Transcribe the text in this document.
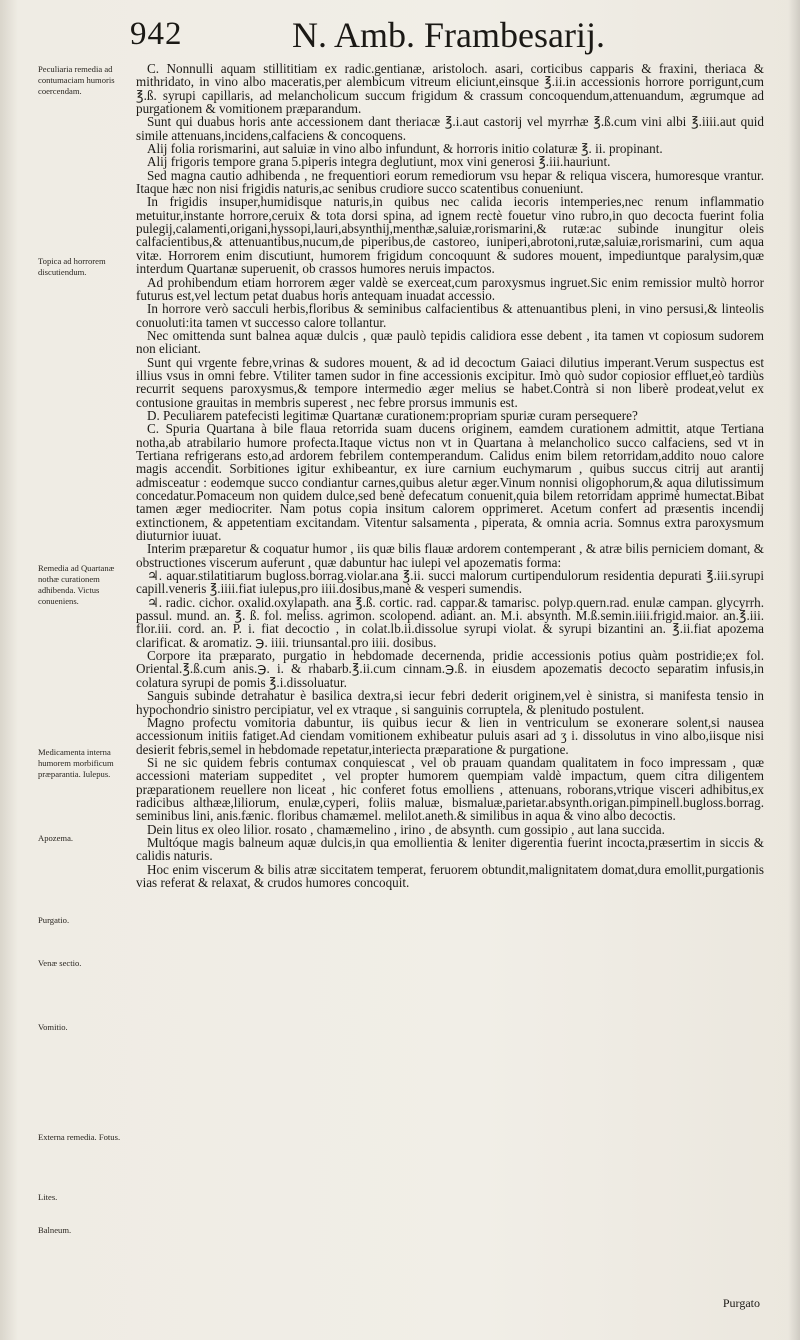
942	N. Amb. Frambesarij.
Peculiaria remedia ad contumaciam humoris coercendam.
Topica ad horrorem discutiendum.
Remedia ad Quartanæ nothæ curationem adhibenda. Victus conueniens.
Medicamenta interna humorem morbificum præparantia. Iulepus.
Apozema.
Purgatio.
Venæ sectio.
Vomitio.
Externa remedia. Fotus.
Lites.
Balneum.

C. Nonnulli aquam stillititiam ex radic.gentianæ, aristoloch. asari, corticibus capparis & fraxini, theriaca & mithridato, in vino albo maceratis,per alembicum vitreum eliciunt,einsque ℥.ii.in accessionis horrore porrigunt,cum ℥.ß. syrupi capillaris, ad melancholicum succum frigidum & crassum concoquendum,attenuandum, ægrumque ad purgationem & vomitionem præparandum.

Sunt qui duabus horis ante accessionem dant theriacæ ℥.i.aut castorij vel myrrhæ ℥.ß.cum vini albi ℥.iiii.aut quid simile attenuans,incidens,calfaciens & concoquens.

Alij folia rorismarini, aut saluiæ in vino albo infundunt, & horroris initio colaturæ ℥. ii. propinant.

Alij frigoris tempore grana 5.piperis integra deglutiunt, mox vini generosi ℥.iii.hauriunt.

Sed magna cautio adhibenda , ne frequentiori eorum remediorum vsu hepar & reliqua viscera, humoresque vrantur. Itaque hæc non nisi frigidis naturis,ac senibus crudiore succo scatentibus conueniunt.

In frigidis insuper,humidisque naturis,in quibus nec calida iecoris intemperies,nec renum inflammatio metuitur,instante horrore,ceruix & tota dorsi spina, ad ignem rectè fouetur vino rubro,in quo decocta fuerint folia pulegij,calamenti,origani,hyssopi,lauri,absynthij,menthæ,saluiæ,rorismarini,& rutæ:ac subinde inungitur oleis calfacientibus,& attenuantibus,nucum,de piperibus,de castoreo, iuniperi,abrotoni,rutæ,saluiæ,rorismarini, cum aqua vitæ. Horrorem enim discutiunt, humorem frigidum concoquunt & sudores mouent, impediuntque paralysim,quæ interdum Quartanæ superuenit, ob crassos humores neruis impactos.

Ad prohibendum etiam horrorem æger valdè se exerceat,cum paroxysmus ingruet.Sic enim remissior multò horror futurus est,vel lectum petat duabus horis antequam inuadat accessio.

In horrore verò sacculi herbis,floribus & seminibus calfacientibus & attenuantibus pleni, in vino persusi,& linteolis conuoluti:ita tamen vt successo calore tollantur.

Nec omittenda sunt balnea aquæ dulcis , quæ paulò tepidis calidiora esse debent , ita tamen vt copiosum sudorem non eliciant.

Sunt qui vrgente febre,vrinas & sudores mouent, & ad id decoctum Gaiaci dilutius imperant.Verum suspectus est illius vsus in omni febre. Vtiliter tamen sudor in fine accessionis excipitur. Imò quò sudor copiosior effluet,eò tardiùs recurrit sequens paroxysmus,& tempore intermedio æger melius se habet.Contrà si non liberè prodeat,velut ex contusione grauitas in membris superest , nec febre prorsus immunis est.

D. Peculiarem patefecisti legitimæ Quartanæ curationem:propriam spuriæ curam persequere?

C. Spuria Quartana à bile flaua retorrida suam ducens originem, eamdem curationem admittit, atque Tertiana notha,ab atrabilario humore profecta.Itaque victus non vt in Quartana à melancholico succo calfaciens, sed vt in Tertiana refrigerans esto,ad ardorem febrilem contemperandum. Calidus enim bilem retorridam,addito nouo calore magis accendit. Sorbitiones igitur exhibeantur, ex iure carnium euchymarum , quibus succus citrij aut arantij admisceatur : eodemque succo condiantur carnes,quibus aletur æger.Vinum nonnisi oligophorum,& aqua dilutissimum concedatur.Pomaceum non quidem dulce,sed benè defecatum conuenit,quia bilem retorridam apprimè humectat.Bibat tamen æger mediocriter. Nam potus copia insitum calorem opprimeret. Acetum confert ad præsentis incendij extinctionem, & appetentiam excitandam. Vitentur salsamenta , piperata, & omnia acria. Somnus extra paroxysmum diuturnior iuuat.

Interim præparetur & coquatur humor , iis quæ bilis flauæ ardorem contemperant , & atræ bilis perniciem domant, & obstructiones viscerum auferunt , quæ dabuntur hac iulepi vel apozematis forma:

♃. aquar.stilatitiarum bugloss.borrag.violar.ana ℥.ii. succi malorum curtipendulorum residentia depurati ℥.iii.syrupi capill.veneris ℥.iiii.fiat iulepus,pro iiii.dosibus,manè & vesperi sumendis.

♃. radic. cichor. oxalid.oxylapath. ana ℥.ß. cortic. rad. cappar.& tamarisc. polyp.quern.rad. enulæ campan. glycyrrh. passul. mund. an. ℥. ß. fol. meliss. agrimon. scolopend. adiant. an. M.i. absynth. M.ß.semin.iiii.frigid.maior. an.℥.iii. flor.iii. cord. an. P. i. fiat decoctio , in colat.lb.ii.dissolue syrupi violat. & syrupi bizantini an. ℥.ii.fiat apozema clarificat. & aromatiz. ℈. iiii. triunsantal.pro iiii. dosibus.

Corpore ita præparato, purgatio in hebdomade decernenda, pridie accessionis potius quàm postridie;ex fol. Oriental.℥.ß.cum anis.℈. i. & rhabarb.℥.ii.cum cinnam.℈.ß. in eiusdem apozematis decocto separatim infusis,in colatura syrupi de pomis ℥.i.dissoluatur.

Sanguis subinde detrahatur è basilica dextra,si iecur febri dederit originem,vel è sinistra, si manifesta tensio in hypochondrio sinistro percipiatur, vel ex vtraque , si sanguinis corruptela, & plenitudo postulent.

Magno profectu vomitoria dabuntur, iis quibus iecur & lien in ventriculum se exonerare solent,si nausea accessionum initiis fatiget.Ad ciendam vomitionem exhibeatur puluis asari ad ʒ i. dissolutus in vino albo,iisque nisi desierit febris,semel in hebdomade repetatur,interiecta præparatione & purgatione.

Si ne sic quidem febris contumax conquiescat , vel ob prauam quandam qualitatem in foco impressam , quæ accessioni materiam suppeditet , vel propter humorem quempiam valdè impactum, quem citra diligentem præparationem reuellere non liceat , hic conferet fotus emolliens , attenuans, roborans,vtrique visceri adhibitus,ex radicibus althææ,liliorum, enulæ,cyperi, foliis maluæ, bismaluæ,parietar.absynth.origan.pimpinell.bugloss.borrag. seminibus lini, anis.fænic. floribus chamæmel. melilot.aneth.& similibus in aqua & vino albo decoctis.

Dein litus ex oleo lilior. rosato , chamæmelino , irino , de absynth. cum gossipio , aut lana succida.

Multóque magis balneum aquæ dulcis,in qua emollientia & leniter digerentia fuerint incocta,præsertim in siccis & calidis naturis.

Hoc enim viscerum & bilis atræ siccitatem temperat, feruorem obtundit,malignitatem domat,dura emollit,purgationis vias referat & relaxat, & crudos humores concoquit.

Purgato
